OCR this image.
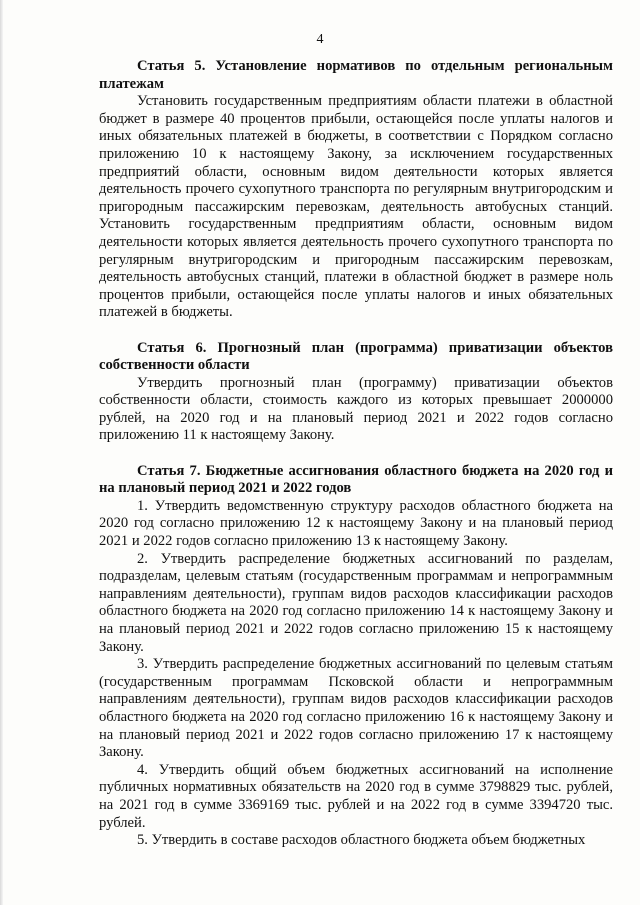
4

Статья 5. Установление нормативов по отдельным региональным платежам

Установить государственным предприятиям области платежи в областной бюджет в размере 40 процентов прибыли, остающейся после уплаты налогов и иных обязательных платежей в бюджеты, в соответствии с Порядком согласно приложению 10 к настоящему Закону, за исключением государственных предприятий области, основным видом деятельности которых является деятельность прочего сухопутного транспорта по регулярным внутригородским и пригородным пассажирским перевозкам, деятельность автобусных станций. Установить государственным предприятиям области, основным видом деятельности которых является деятельность прочего сухопутного транспорта по регулярным внутригородским и пригородным пассажирским перевозкам, деятельность автобусных станций, платежи в областной бюджет в размере ноль процентов прибыли, остающейся после уплаты налогов и иных обязательных платежей в бюджеты.

Статья 6. Прогнозный план (программа) приватизации объектов собственности области

Утвердить прогнозный план (программу) приватизации объектов собственности области, стоимость каждого из которых превышает 2000000 рублей, на 2020 год и на плановый период 2021 и 2022 годов согласно приложению 11 к настоящему Закону.

Статья 7. Бюджетные ассигнования областного бюджета на 2020 год и на плановый период 2021 и 2022 годов

1. Утвердить ведомственную структуру расходов областного бюджета на 2020 год согласно приложению 12 к настоящему Закону и на плановый период 2021 и 2022 годов согласно приложению 13 к настоящему Закону.

2. Утвердить распределение бюджетных ассигнований по разделам, подразделам, целевым статьям (государственным программам и непрограммным направлениям деятельности), группам видов расходов классификации расходов областного бюджета на 2020 год согласно приложению 14 к настоящему Закону и на плановый период 2021 и 2022 годов согласно приложению 15 к настоящему Закону.

3. Утвердить распределение бюджетных ассигнований по целевым статьям (государственным программам Псковской области и непрограммным направлениям деятельности), группам видов расходов классификации расходов областного бюджета на 2020 год согласно приложению 16 к настоящему Закону и на плановый период 2021 и 2022 годов согласно приложению 17 к настоящему Закону.

4. Утвердить общий объем бюджетных ассигнований на исполнение публичных нормативных обязательств на 2020 год в сумме 3798829 тыс. рублей, на 2021 год в сумме 3369169 тыс. рублей и на 2022 год в сумме 3394720 тыс. рублей.

5. Утвердить в составе расходов областного бюджета объем бюджетных
